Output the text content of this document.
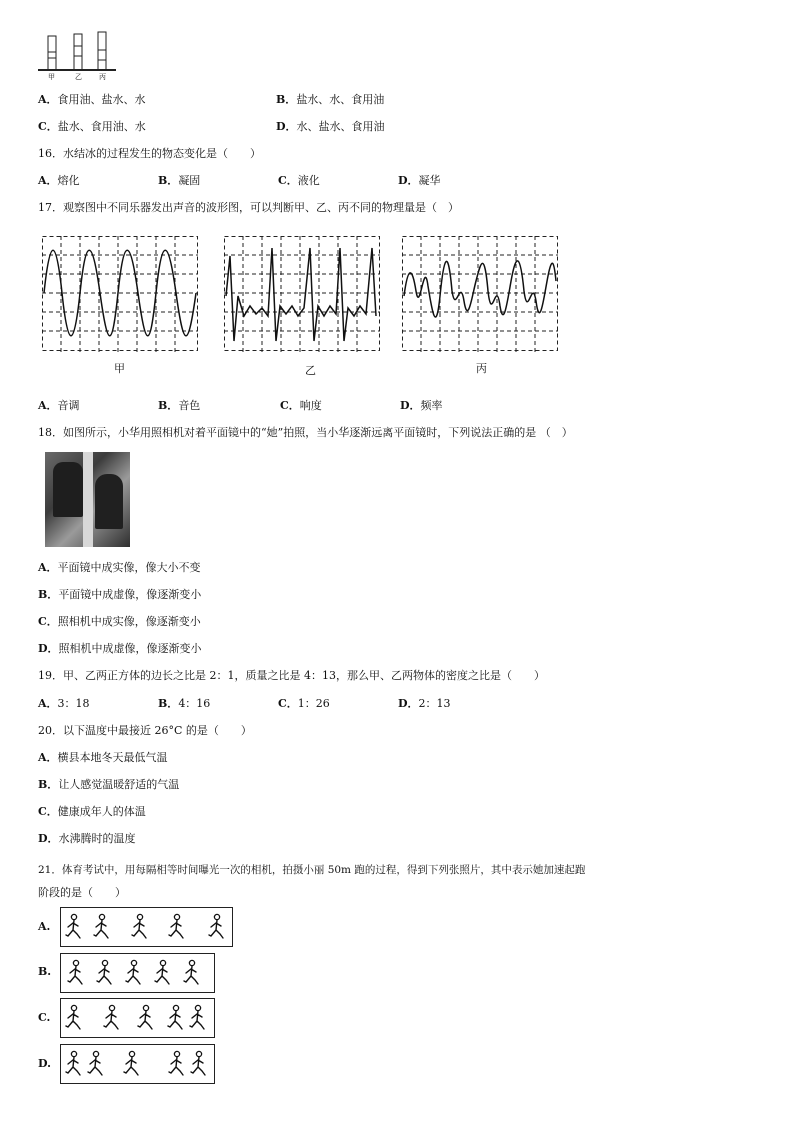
甲	乙 丙
A．食用油、盐水、水	B．盐水、水、食用油
C．盐水、食用油、水	D．水、盐水、食用油
16．水结冰的过程发生的物态变化是（　　）
A．熔化	B．凝固	C．液化	D．凝华
17．观察图中不同乐器发出声音的波形图，可以判断甲、乙、丙不同的物理量是（　）
甲	乙	丙
A．音调	B．音色	C．响度	D．频率
18．如图所示，小华用照相机对着平面镜中的“她”拍照，当小华逐渐远离平面镜时，下列说法正确的是 （　）
A．平面镜中成实像，像大小不变
B．平面镜中成虚像，像逐渐变小
C．照相机中成实像，像逐渐变小
D．照相机中成虚像，像逐渐变小
19．甲、乙两正方体的边长之比是 2：1，质量之比是 4：13，那么甲、乙两物体的密度之比是（　　）
A．3：18	B．4：16	C．1：26	D．2：13
20．以下温度中最接近 26°C 的是（　　）
A．横县本地冬天最低气温
B．让人感觉温暖舒适的气温
C．健康成年人的体温
D．水沸腾时的温度
21．体育考试中，用每隔相等时间曝光一次的相机，拍摄小丽 50m 跑的过程，得到下列张照片，其中表示她加速起跑
阶段的是（　　）
A.
B.
C.
D.
